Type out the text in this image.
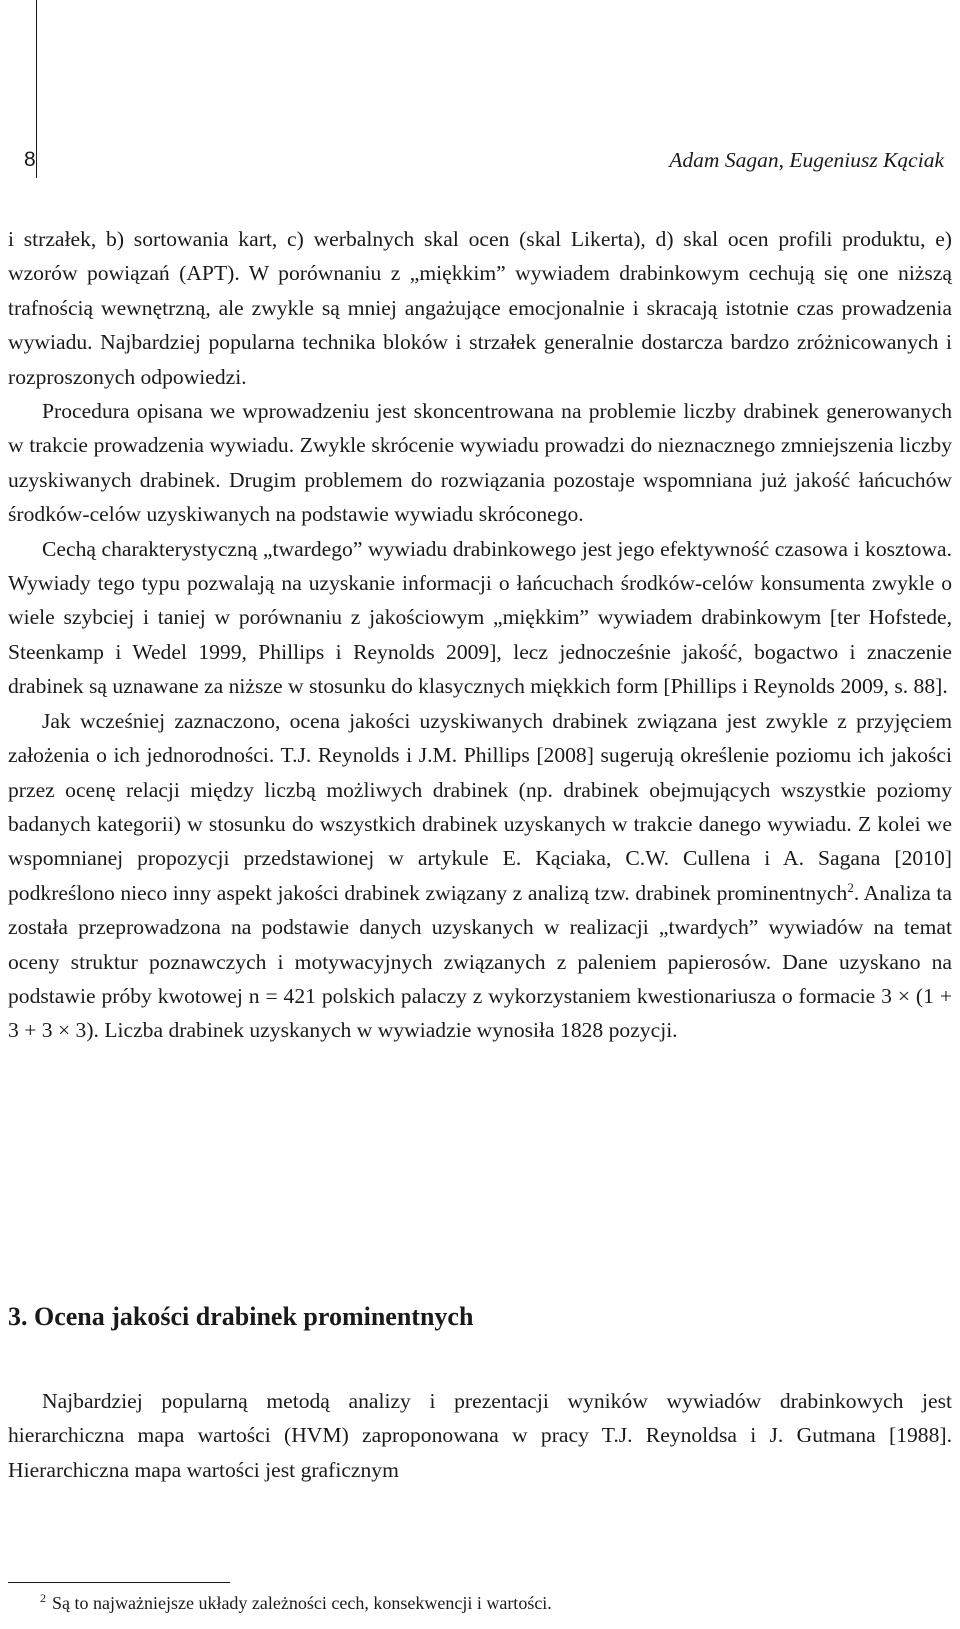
8	Adam Sagan, Eugeniusz Kąciak

i strzałek, b) sortowania kart, c) werbalnych skal ocen (skal Likerta), d) skal ocen profili produktu, e) wzorów powiązań (APT). W porównaniu z „miękkim” wywiadem drabinkowym cechują się one niższą trafnością wewnętrzną, ale zwykle są mniej angażujące emocjonalnie i skracają istotnie czas prowadzenia wywiadu. Najbardziej popularna technika bloków i strzałek generalnie dostarcza bardzo zróżnicowanych i rozproszonych odpowiedzi.

Procedura opisana we wprowadzeniu jest skoncentrowana na problemie liczby drabinek generowanych w trakcie prowadzenia wywiadu. Zwykle skrócenie wywiadu prowadzi do nieznacznego zmniejszenia liczby uzyskiwanych drabinek. Drugim problemem do rozwiązania pozostaje wspomniana już jakość łańcuchów środków-celów uzyskiwanych na podstawie wywiadu skróconego.

Cechą charakterystyczną „twardego” wywiadu drabinkowego jest jego efektywność czasowa i kosztowa. Wywiady tego typu pozwalają na uzyskanie informacji o łańcuchach środków-celów konsumenta zwykle o wiele szybciej i taniej w porównaniu z jakościowym „miękkim” wywiadem drabinkowym [ter Hofstede, Steenkamp i Wedel 1999, Phillips i Reynolds 2009], lecz jednocześnie jakość, bogactwo i znaczenie drabinek są uznawane za niższe w stosunku do klasycznych miękkich form [Phillips i Reynolds 2009, s. 88].

Jak wcześniej zaznaczono, ocena jakości uzyskiwanych drabinek związana jest zwykle z przyjęciem założenia o ich jednorodności. T.J. Reynolds i J.M. Phillips [2008] sugerują określenie poziomu ich jakości przez ocenę relacji między liczbą możliwych drabinek (np. drabinek obejmujących wszystkie poziomy badanych kategorii) w stosunku do wszystkich drabinek uzyskanych w trakcie danego wywiadu. Z kolei we wspomnianej propozycji przedstawionej w artykule E. Kąciaka, C.W. Cullena i A. Sagana [2010] podkreślono nieco inny aspekt jakości drabinek związany z analizą tzw. drabinek prominentnych$^2$. Analiza ta została przeprowadzona na podstawie danych uzyskanych w realizacji „twardych” wywiadów na temat oceny struktur poznawczych i motywacyjnych związanych z paleniem papierosów. Dane uzyskano na podstawie próby kwotowej n = 421 polskich palaczy z wykorzystaniem kwestionariusza o formacie 3 × (1 + 3 + 3 × 3). Liczba drabinek uzyskanych w wywiadzie wynosiła 1828 pozycji.

3. Ocena jakości drabinek prominentnych

Najbardziej popularną metodą analizy i prezentacji wyników wywiadów drabinkowych jest hierarchiczna mapa wartości (HVM) zaproponowana w pracy T.J. Reynoldsa i J. Gutmana [1988]. Hierarchiczna mapa wartości jest graficznym

$^2$ Są to najważniejsze układy zależności cech, konsekwencji i wartości.
